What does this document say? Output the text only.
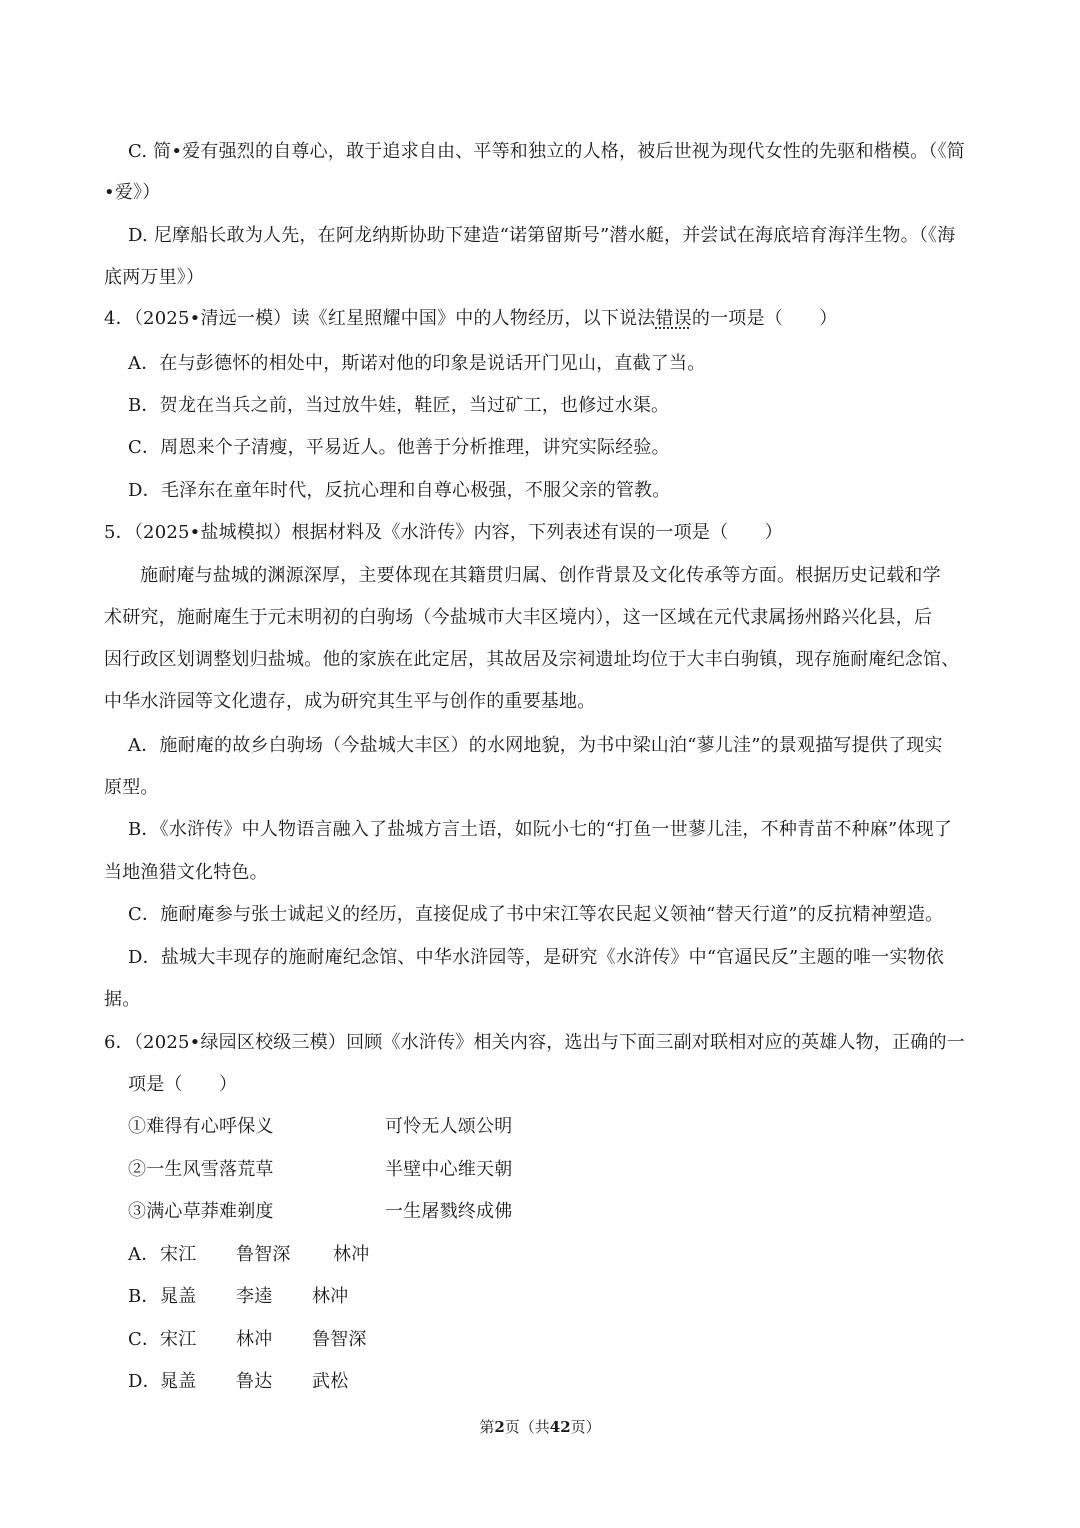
C. 简•爱有强烈的自尊心，敢于追求自由、平等和独立的人格，被后世视为现代女性的先驱和楷模。（《简
•爱》）
D. 尼摩船长敢为人先，在阿龙纳斯协助下建造“诺第留斯号”潜水艇，并尝试在海底培育海洋生物。（《海
底两万里》）
4．（2025•清远一模）读《红星照耀中国》中的人物经历，以下说法错误的一项是（　　）
A．在与彭德怀的相处中，斯诺对他的印象是说话开门见山，直截了当。
B．贺龙在当兵之前，当过放牛娃，鞋匠，当过矿工，也修过水渠。
C．周恩来个子清瘦，平易近人。他善于分析推理，讲究实际经验。
D．毛泽东在童年时代，反抗心理和自尊心极强，不服父亲的管教。
5．（2025•盐城模拟）根据材料及《水浒传》内容，下列表述有误的一项是（　　）
施耐庵与盐城的渊源深厚，主要体现在其籍贯归属、创作背景及文化传承等方面。根据历史记载和学
术研究，施耐庵生于元末明初的白驹场（今盐城市大丰区境内），这一区域在元代隶属扬州路兴化县，后
因行政区划调整划归盐城。他的家族在此定居，其故居及宗祠遗址均位于大丰白驹镇，现存施耐庵纪念馆、
中华水浒园等文化遗存，成为研究其生平与创作的重要基地。
A．施耐庵的故乡白驹场（今盐城大丰区）的水网地貌，为书中梁山泊“蓼儿洼”的景观描写提供了现实
原型。
B．《水浒传》中人物语言融入了盐城方言土语，如阮小七的“打鱼一世蓼儿洼，不种青苗不种麻”体现了
当地渔猎文化特色。
C．施耐庵参与张士诚起义的经历，直接促成了书中宋江等农民起义领袖“替天行道”的反抗精神塑造。
D．盐城大丰现存的施耐庵纪念馆、中华水浒园等，是研究《水浒传》中“官逼民反”主题的唯一实物依
据。
6．（2025•绿园区校级三模）回顾《水浒传》相关内容，选出与下面三副对联相对应的英雄人物，正确的一
项是（　　）
①难得有心呼保义	可怜无人颂公明
②一生风雪落荒草	半壁中心维天朝
③满心草莽难剃度	一生屠戮终成佛
A． 宋江 鲁智深 林冲
B． 晁盖 李逵 林冲
C． 宋江 林冲 鲁智深
D． 晁盖 鲁达 武松
第2页（共42页）
